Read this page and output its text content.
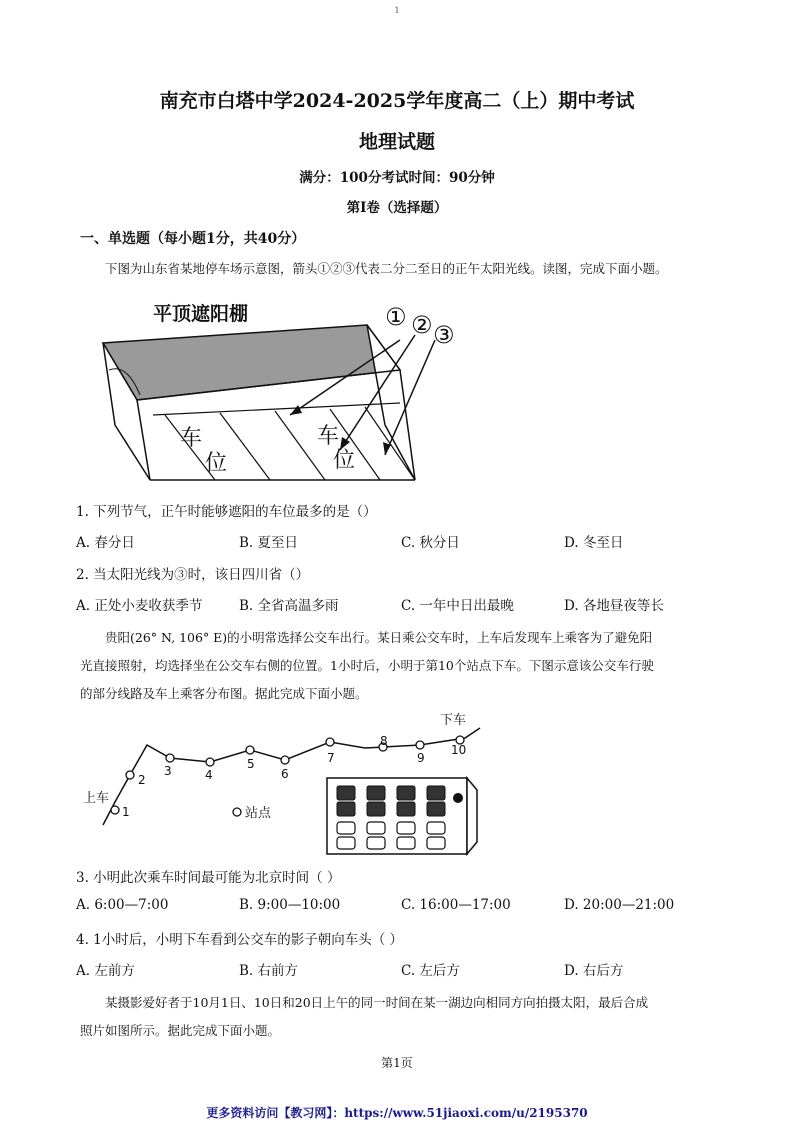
1
南充市白塔中学2024-2025学年度高二（上）期中考试
地理试题
满分：100分考试时间：90分钟
第Ⅰ卷（选择题）
一、单选题（每小题1分，共40分）
下图为山东省某地停车场示意图，箭头①②③代表二分二至日的正午太阳光线。读图，完成下面小题。
平顶遮阳棚
车
位
车
位
① ② ③
1. 下列节气，正午时能够遮阳的车位最多的是（）
A. 春分日	B. 夏至日	C. 秋分日	D. 冬至日
2. 当太阳光线为③时，该日四川省（）
A. 正处小麦收获季节	B. 全省高温多雨	C. 一年中日出最晚	D. 各地昼夜等长
贵阳(26° N, 106° E)的小明常选择公交车出行。某日乘公交车时，上车后发现车上乘客为了避免阳
光直接照射，均选择坐在公交车右侧的位置。1小时后，小明于第10个站点下车。下图示意该公交车行驶
的部分线路及车上乘客分布图。据此完成下面小题。
1
2
3	4
5
6
7
8
9
10
上车
下车
站点
3. 小明此次乘车时间最可能为北京时间（ ）
A. 6:00—7:00	B. 9:00—10:00	C. 16:00—17:00	D. 20:00—21:00
4. 1小时后，小明下车看到公交车的影子朝向车头（ ）
A. 左前方	B. 右前方	C. 左后方	D. 右后方
某摄影爱好者于10月1日、10日和20日上午的同一时间在某一湖边向相同方向拍摄太阳，最后合成
照片如图所示。据此完成下面小题。
第1页
更多资料访问【教习网】：https://www.51jiaoxi.com/u/2195370
